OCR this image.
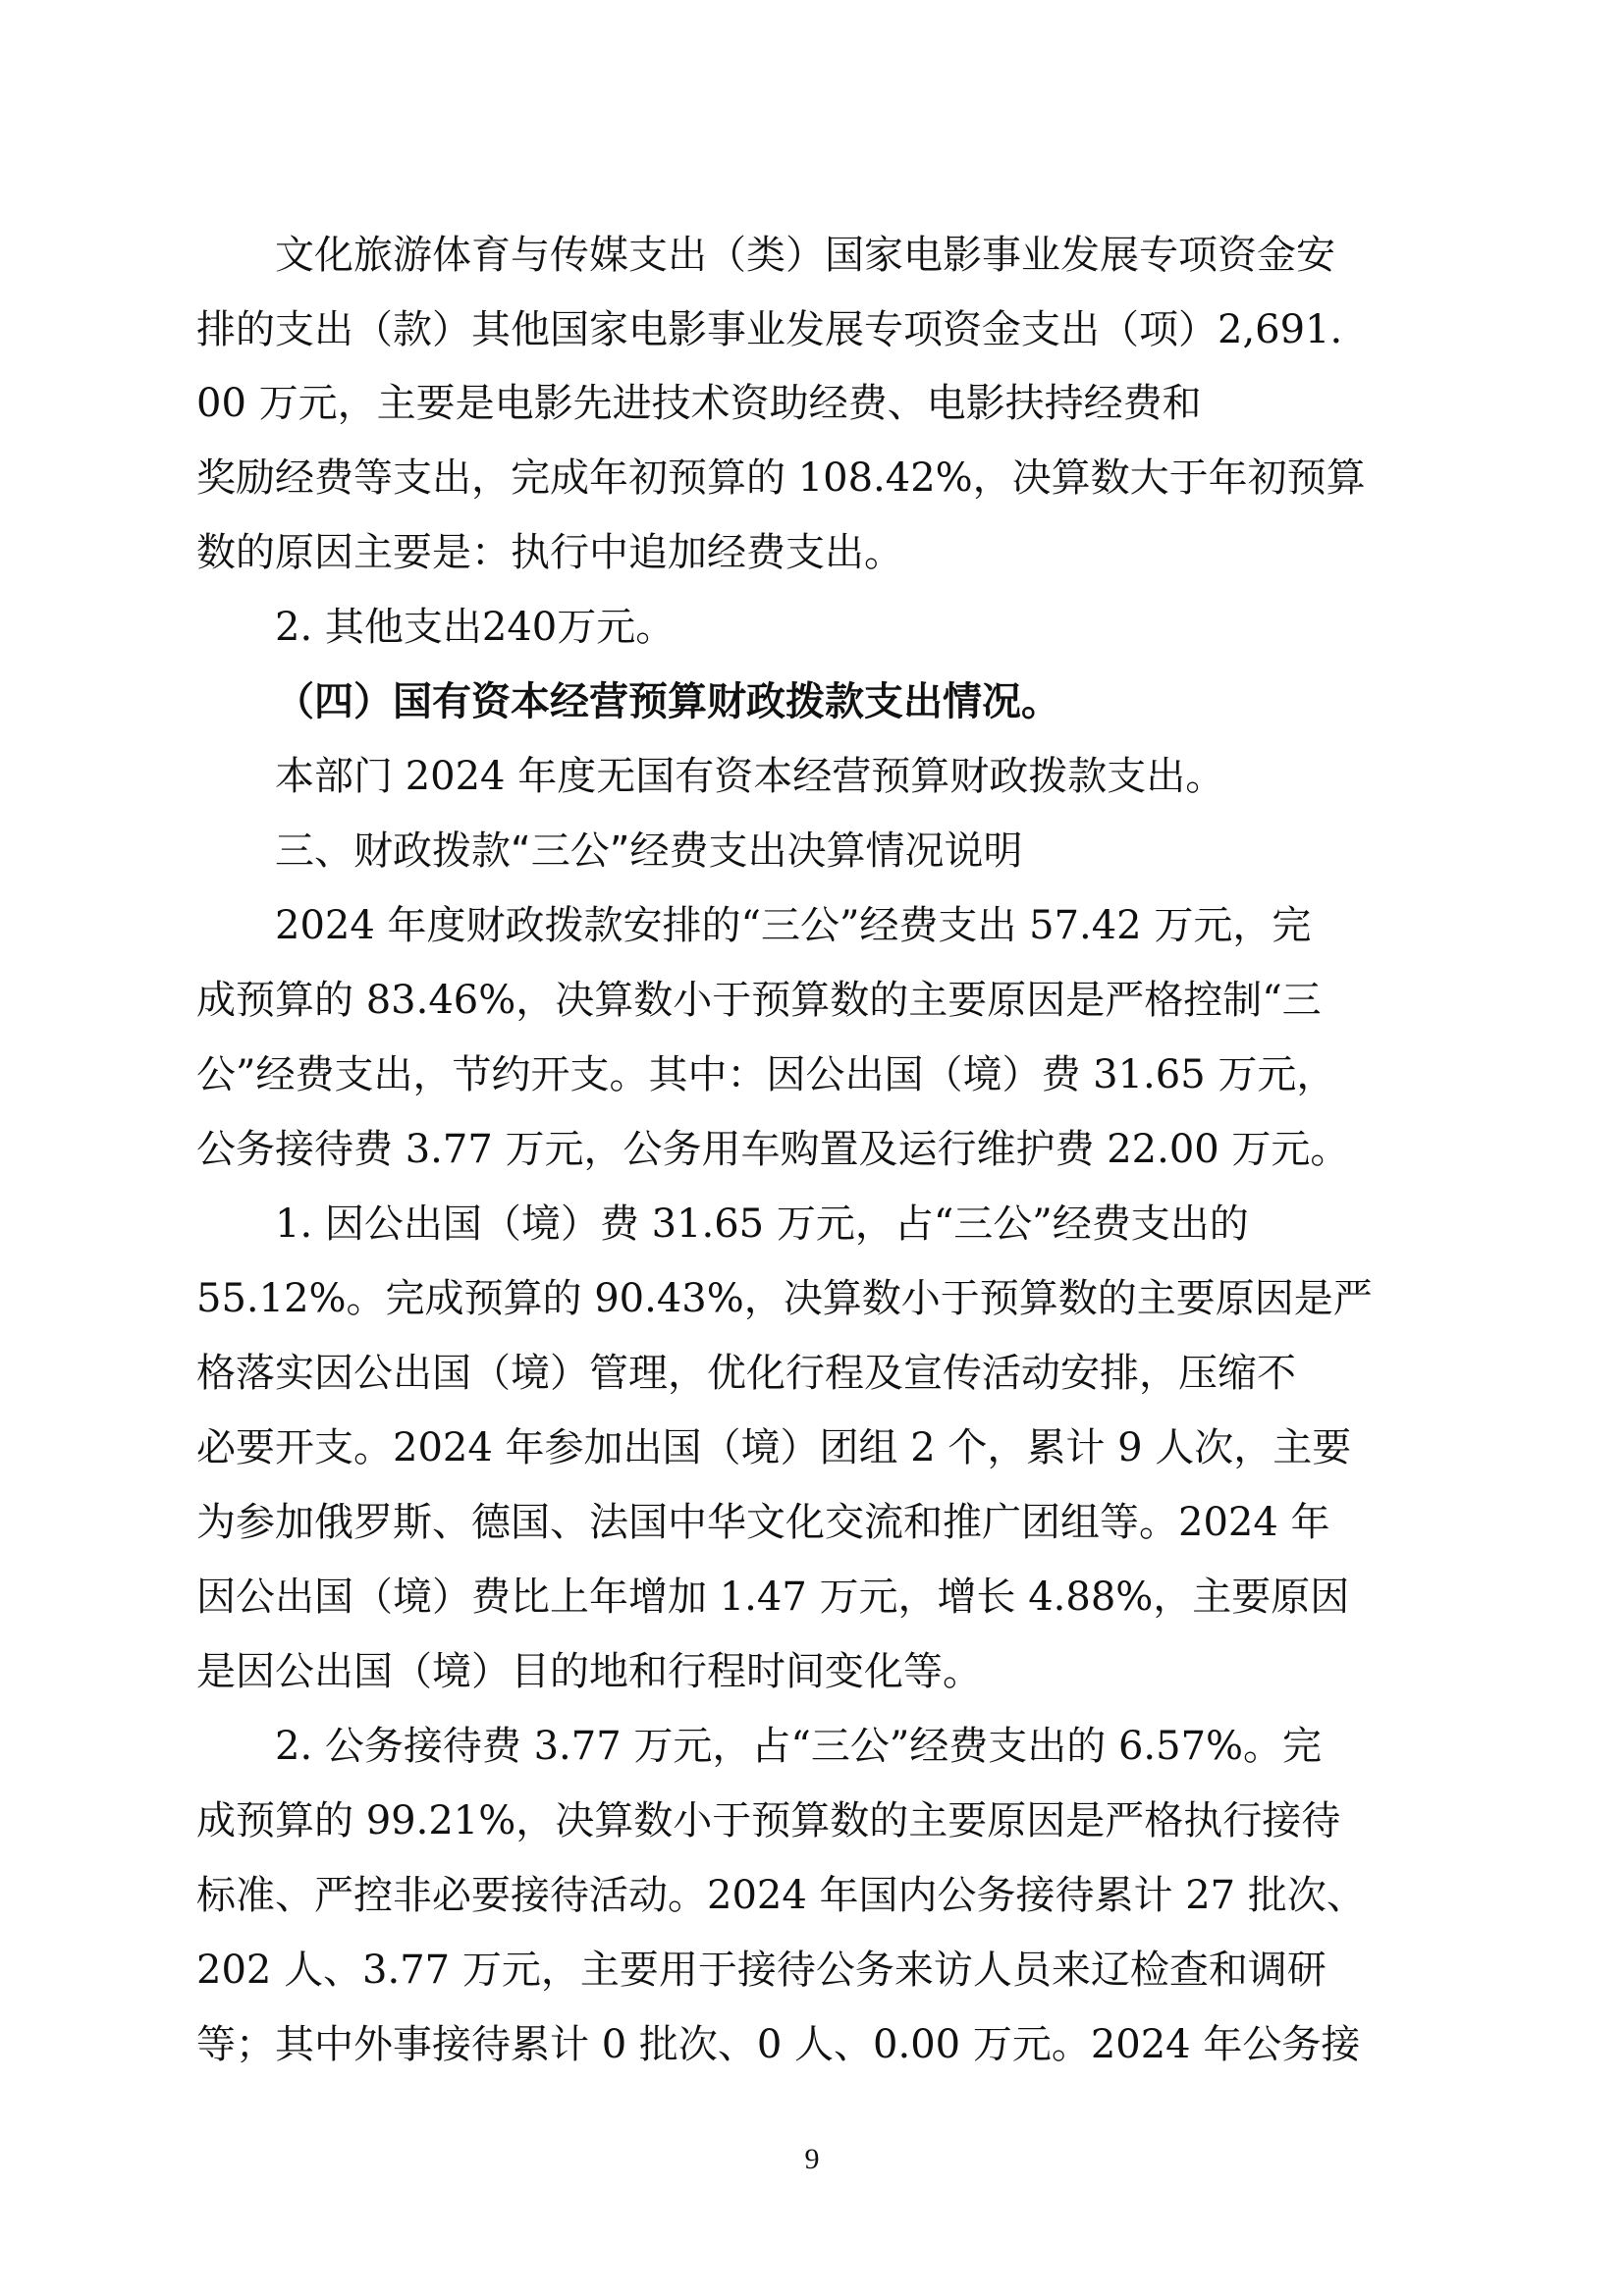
文化旅游体育与传媒支出（类）国家电影事业发展专项资金安
排的支出（款）其他国家电影事业发展专项资金支出（项）2,691.
00 万元，主要是电影先进技术资助经费、电影扶持经费和
奖励经费等支出，完成年初预算的 108.42%，决算数大于年初预算
数的原因主要是：执行中追加经费支出。
2. 其他支出240万元。
（四）国有资本经营预算财政拨款支出情况。
本部门 2024 年度无国有资本经营预算财政拨款支出。
三、财政拨款“三公”经费支出决算情况说明
2024 年度财政拨款安排的“三公”经费支出 57.42 万元，完
成预算的 83.46%，决算数小于预算数的主要原因是严格控制“三
公”经费支出，节约开支。其中：因公出国（境）费 31.65 万元，
公务接待费 3.77 万元，公务用车购置及运行维护费 22.00 万元。
1. 因公出国（境）费 31.65 万元，占“三公”经费支出的
55.12%。完成预算的 90.43%，决算数小于预算数的主要原因是严
格落实因公出国（境）管理，优化行程及宣传活动安排，压缩不
必要开支。2024 年参加出国（境）团组 2 个，累计 9 人次，主要
为参加俄罗斯、德国、法国中华文化交流和推广团组等。2024 年
因公出国（境）费比上年增加 1.47 万元，增长 4.88%，主要原因
是因公出国（境）目的地和行程时间变化等。
2. 公务接待费 3.77 万元，占“三公”经费支出的 6.57%。完
成预算的 99.21%，决算数小于预算数的主要原因是严格执行接待
标准、严控非必要接待活动。2024 年国内公务接待累计 27 批次、
202 人、3.77 万元，主要用于接待公务来访人员来辽检查和调研
等；其中外事接待累计 0 批次、0 人、0.00 万元。2024 年公务接
9
